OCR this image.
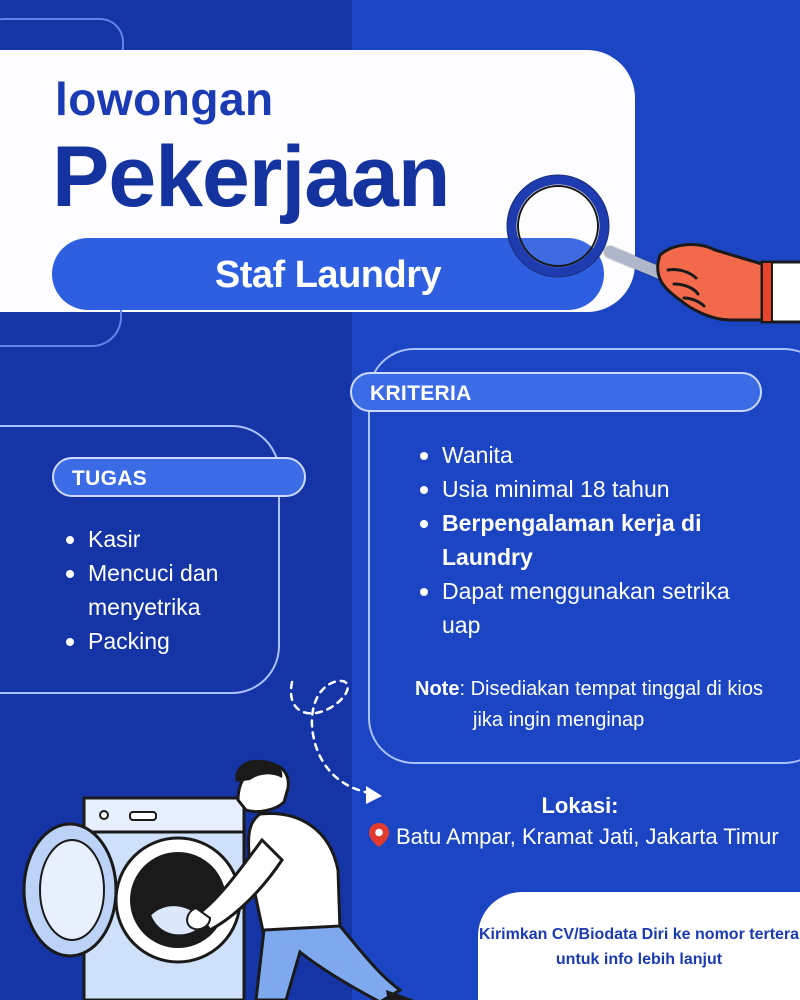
lowongan
Pekerjaan
Staf Laundry
KRITERIA
Wanita
Usia minimal 18 tahun
Berpengalaman kerja di Laundry
Dapat menggunakan setrika uap
TUGAS
Kasir
Mencuci dan menyetrika
Packing
Note: Disediakan tempat tinggal di kios jika ingin menginap
Lokasi:
Batu Ampar, Kramat Jati, Jakarta Timur

Kirimkan CV/Biodata Diri ke nomor tertera untuk info lebih lanjut
